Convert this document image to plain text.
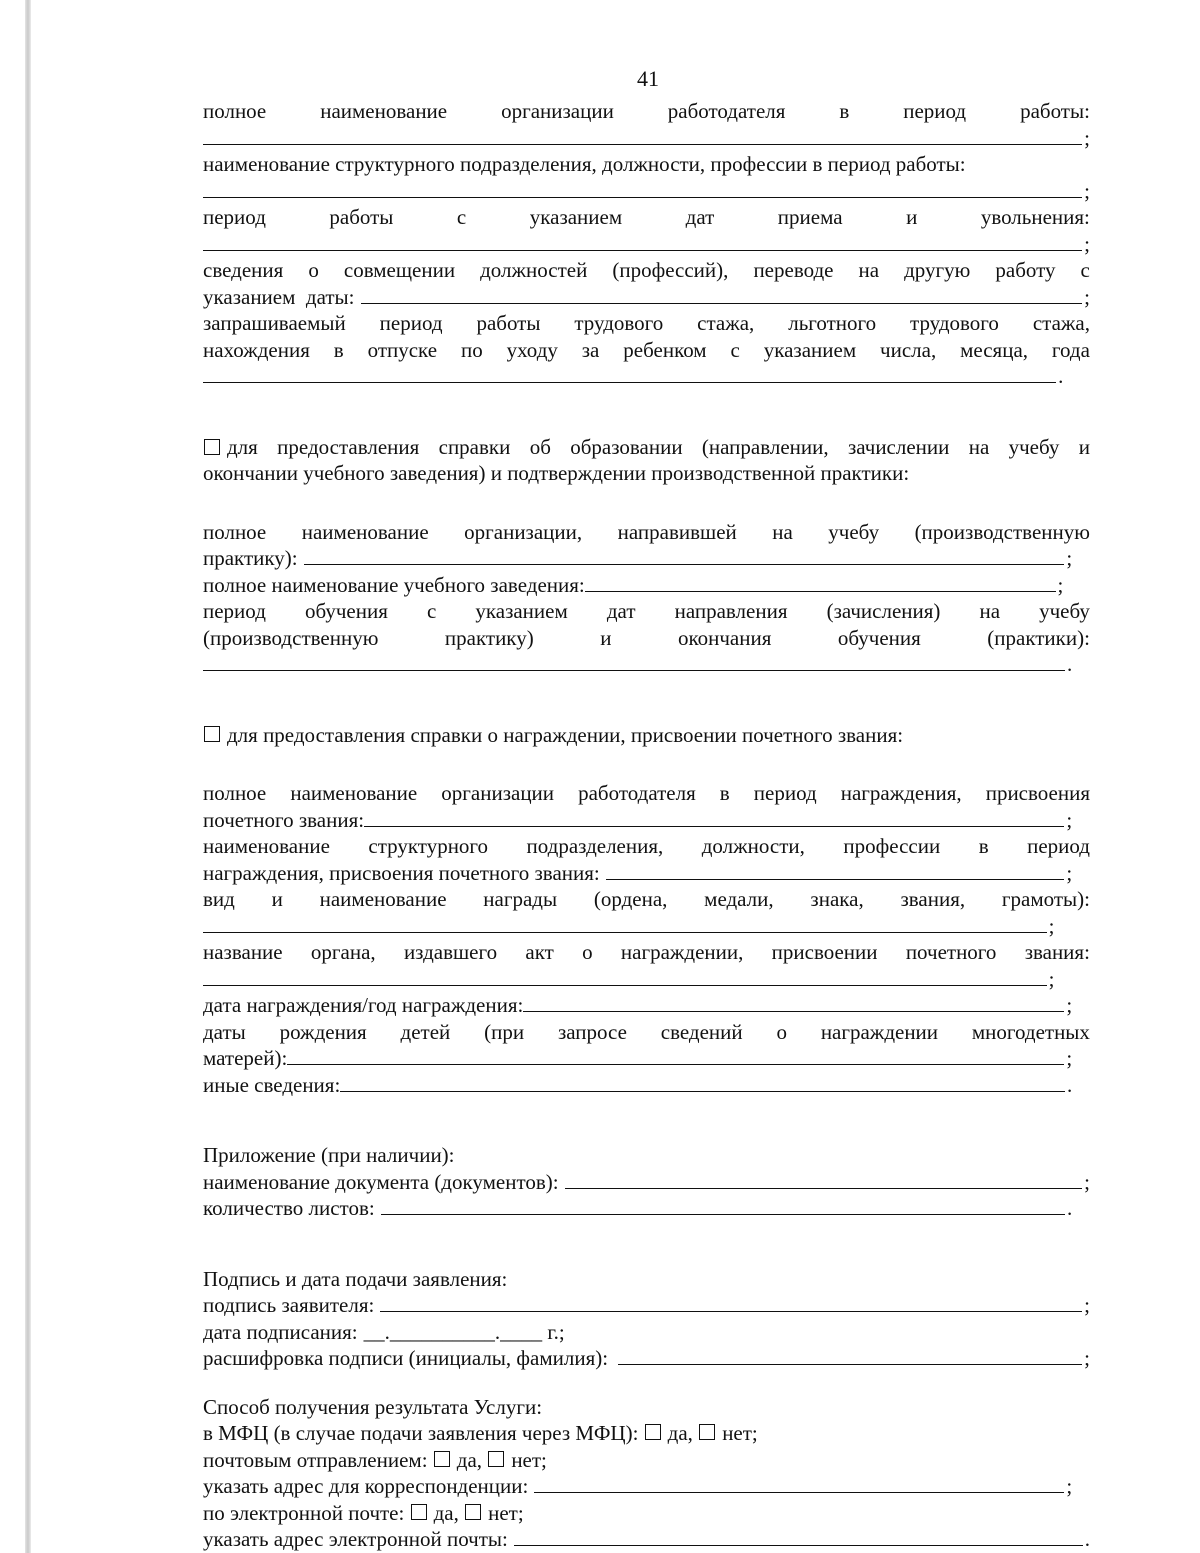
41
полное	наименование	организации	работодателя	в	период	работы:
;
наименование структурного подразделения, должности, профессии в период работы:
;
период	работы	с	указанием	дат	приема	и	увольнения:
;
сведения о совмещении должностей (профессий), переводе на другую работу с
указанием  даты:	;
запрашиваемый период работы трудового стажа, льготного трудового стажа,
нахождения в отпуске по уходу за ребенком с указанием числа, месяца, года
.
для предоставления справки об образовании (направлении, зачислении на учебу и
окончании учебного заведения) и подтверждении производственной практики:
полное наименование организации, направившей на учебу (производственную
практику):	;
полное наименование учебного заведения:	;
период обучения с указанием дат направления (зачисления) на учебу
(производственную	практику)	и	окончания	обучения	(практики):
.
для предоставления справки о награждении, присвоении почетного звания:
полное наименование организации работодателя в период награждения, присвоения
почетного звания:	;
наименование структурного подразделения, должности, профессии в период
награждения, присвоения почетного звания:	;
вид и наименование награды (ордена, медали, знака, звания, грамоты):
;
название органа, издавшего акт о награждении, присвоении почетного звания:
;
дата награждения/год награждения:	;
даты рождения детей (при запросе сведений о награждении многодетных
матерей):	;
иные сведения:	.
Приложение (при наличии):
наименование документа (документов):	;
количество листов:	.
Подпись и дата подачи заявления:
подпись заявителя:	;
дата подписания: __.__________.____ г.;
расшифровка подписи (инициалы, фамилия):	;
Способ получения результата Услуги:
в МФЦ (в случае подачи заявления через МФЦ):
да,
нет;
почтовым отправлением:
да,
нет;
указать адрес для корреспонденции:	;
по электронной почте:
да,
нет;
указать адрес электронной почты:	.
